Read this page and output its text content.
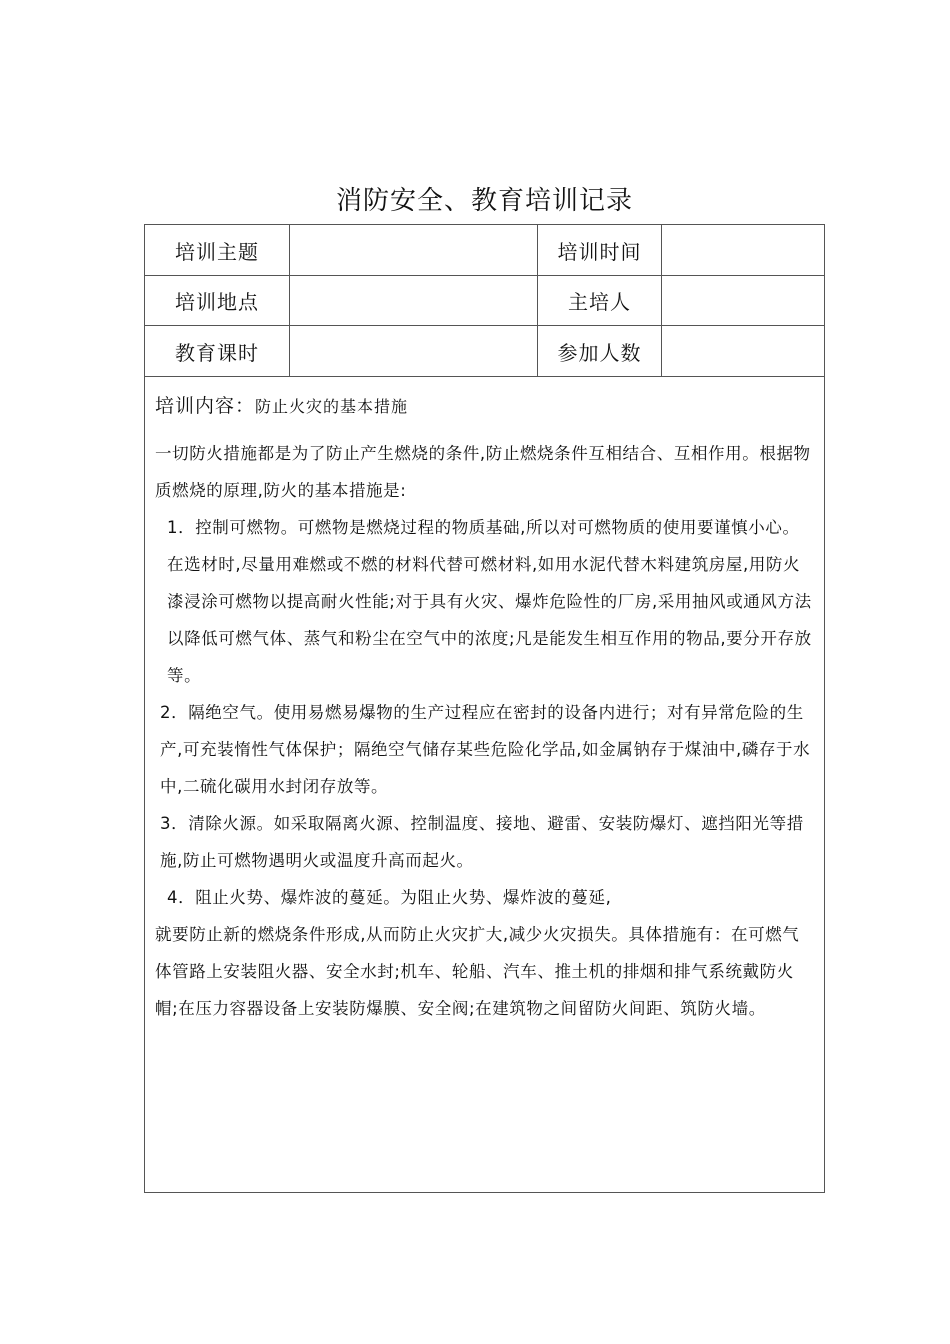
消防安全、教育培训记录
培训主题	培训时间
培训地点	主培人
教育课时	参加人数
培训内容：防止火灾的基本措施

一切防火措施都是为了防止产生燃烧的条件,防止燃烧条件互相结合、互相作用。根据物质燃烧的原理,防火的基本措施是:

1．控制可燃物。可燃物是燃烧过程的物质基础,所以对可燃物质的使用要谨慎小心。在选材时,尽量用难燃或不燃的材料代替可燃材料,如用水泥代替木料建筑房屋,用防火漆浸涂可燃物以提高耐火性能;对于具有火灾、爆炸危险性的厂房,采用抽风或通风方法以降低可燃气体、蒸气和粉尘在空气中的浓度;凡是能发生相互作用的物品,要分开存放等。

2．隔绝空气。使用易燃易爆物的生产过程应在密封的设备内进行；对有异常危险的生产,可充装惰性气体保护；隔绝空气储存某些危险化学品,如金属钠存于煤油中,磷存于水中,二硫化碳用水封闭存放等。

3．清除火源。如采取隔离火源、控制温度、接地、避雷、安装防爆灯、遮挡阳光等措施,防止可燃物遇明火或温度升高而起火。

4．阻止火势、爆炸波的蔓延。为阻止火势、爆炸波的蔓延,

就要防止新的燃烧条件形成,从而防止火灾扩大,减少火灾损失。具体措施有：在可燃气体管路上安装阻火器、安全水封;机车、轮船、汽车、推土机的排烟和排气系统戴防火帽;在压力容器设备上安装防爆膜、安全阀;在建筑物之间留防火间距、筑防火墙。
